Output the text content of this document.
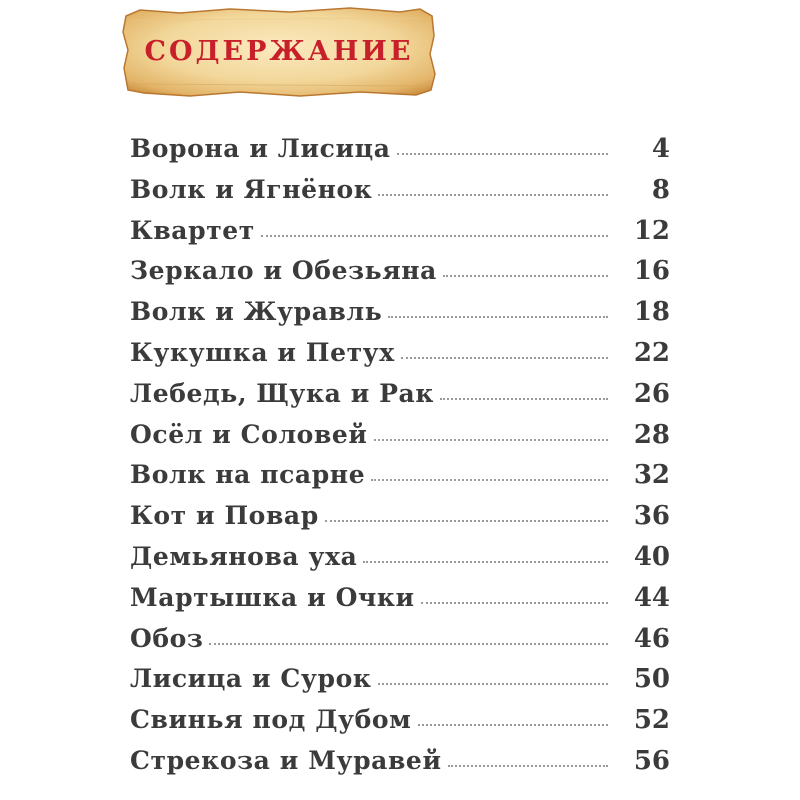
СОДЕРЖАНИЕ
Ворона и Лисица	4
Волк и Ягнёнок	8
Квартет	12
Зеркало и Обезьяна	16
Волк и Журавль	18
Кукушка и Петух	22
Лебедь, Щука и Рак	26
Осёл и Соловей	28
Волк на псарне	32
Кот и Повар	36
Демьянова уха	40
Мартышка и Очки	44
Обоз	46
Лисица и Сурок	50
Свинья под Дубом	52
Стрекоза и Муравей	56
